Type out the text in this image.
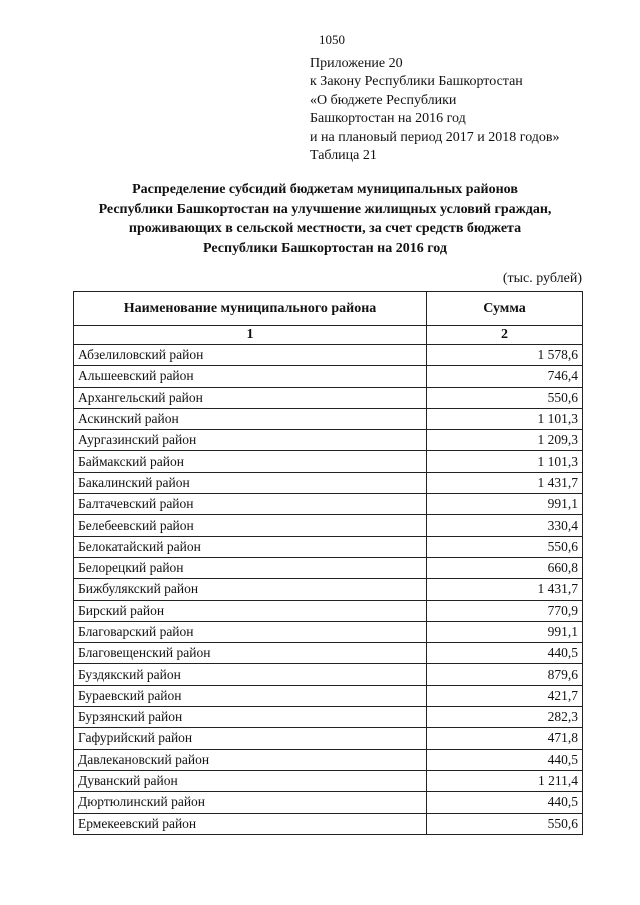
1050
Приложение 20
к Закону Республики Башкортостан
«О бюджете Республики
Башкортостан на 2016 год
и на плановый период 2017 и 2018 годов»
Таблица 21
Распределение субсидий бюджетам муниципальных районов
Республики Башкортостан на улучшение жилищных условий граждан,
проживающих в сельской местности, за счет средств бюджета
Республики Башкортостан на 2016 год
(тыс. рублей)
Наименование муниципального района	Сумма
1	2
Абзелиловский район	1 578,6
Альшеевский район	746,4
Архангельский район	550,6
Аскинский район	1 101,3
Аургазинский район	1 209,3
Баймакский район	1 101,3
Бакалинский район	1 431,7
Балтачевский район	991,1
Белебеевский район	330,4
Белокатайский район	550,6
Белорецкий район	660,8
Бижбулякский район	1 431,7
Бирский район	770,9
Благоварский район	991,1
Благовещенский район	440,5
Буздякский район	879,6
Бураевский район	421,7
Бурзянский район	282,3
Гафурийский район	471,8
Давлекановский район	440,5
Дуванский район	1 211,4
Дюртюлинский район	440,5
Ермекеевский район	550,6
